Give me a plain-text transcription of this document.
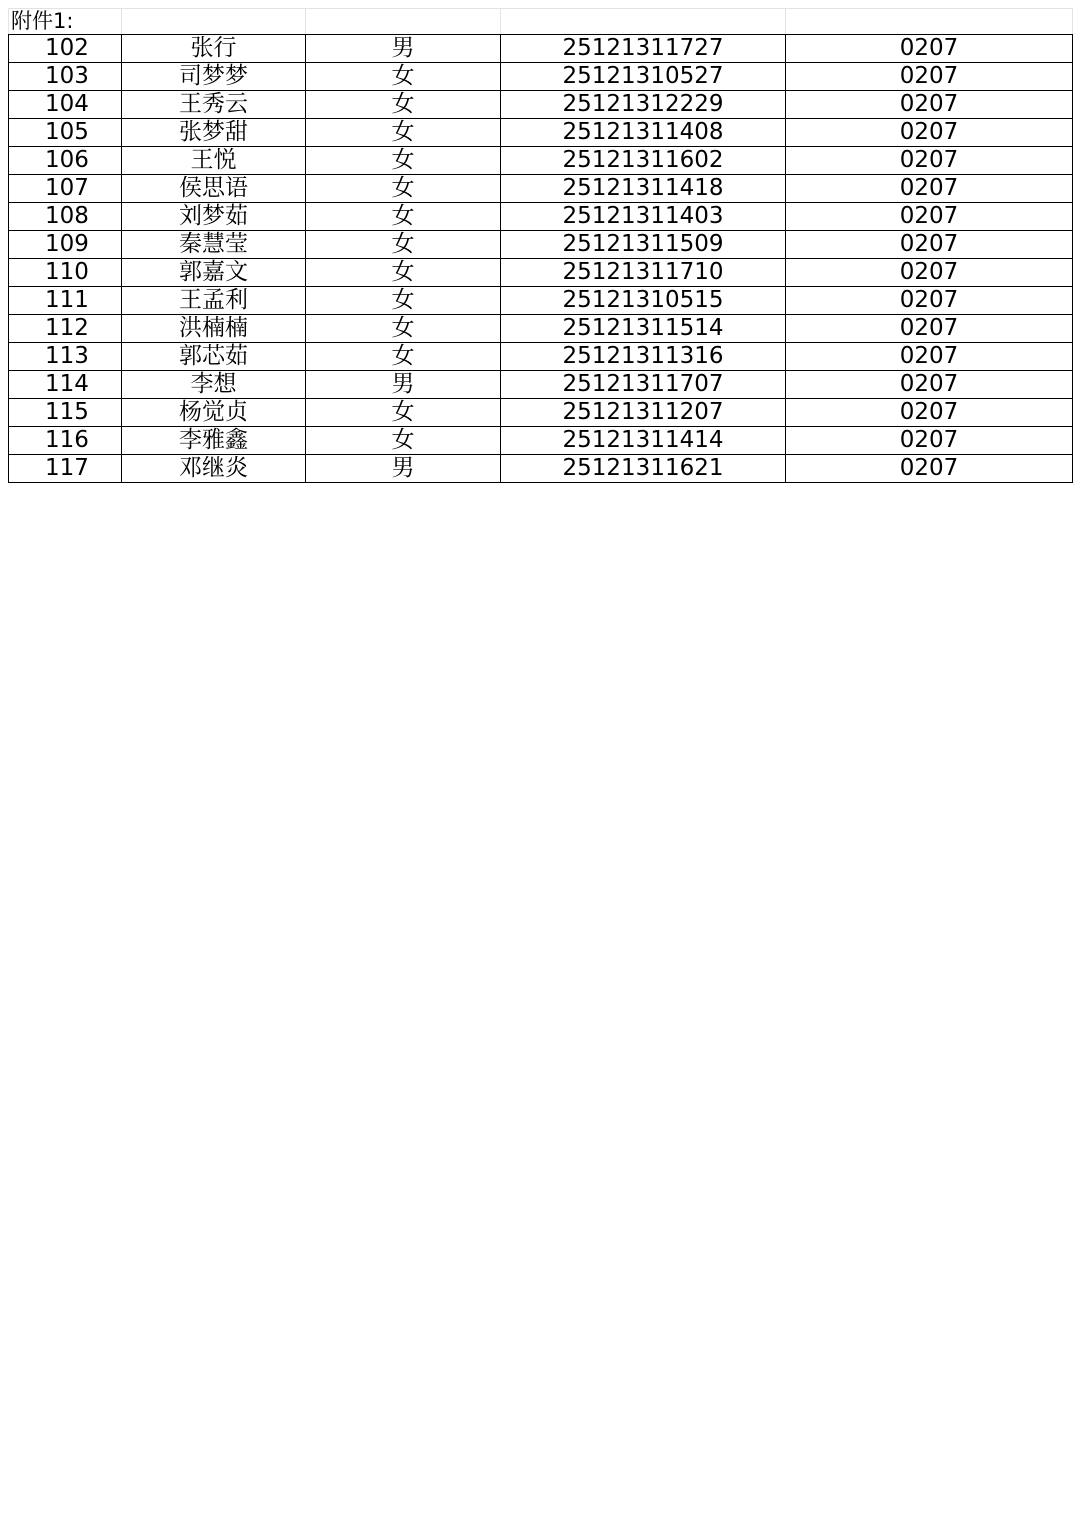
附件1:				
102	张行	男	25121311727	0207
103	司梦梦	女	25121310527	0207
104	王秀云	女	25121312229	0207
105	张梦甜	女	25121311408	0207
106	王悦	女	25121311602	0207
107	侯思语	女	25121311418	0207
108	刘梦茹	女	25121311403	0207
109	秦慧莹	女	25121311509	0207
110	郭嘉文	女	25121311710	0207
111	王孟利	女	25121310515	0207
112	洪楠楠	女	25121311514	0207
113	郭芯茹	女	25121311316	0207
114	李想	男	25121311707	0207
115	杨觉贞	女	25121311207	0207
116	李雅鑫	女	25121311414	0207
117	邓继炎	男	25121311621	0207
